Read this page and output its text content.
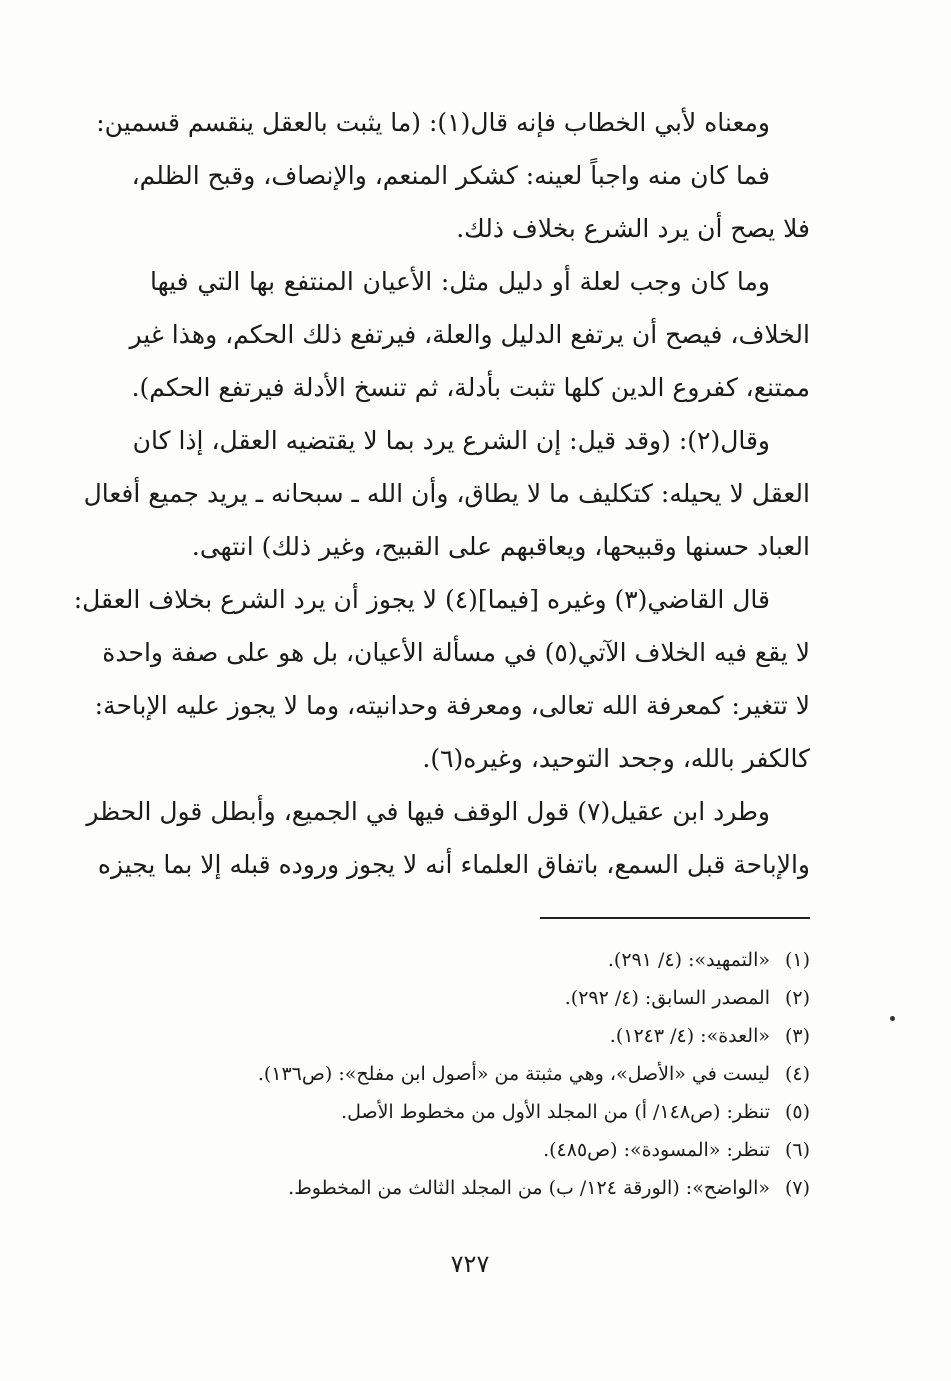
ومعناه لأبي الخطاب فإنه قال(١): (ما يثبت بالعقل ينقسم قسمين:
فما كان منه واجباً لعينه: كشكر المنعم، والإنصاف، وقبح الظلم،
فلا يصح أن يرد الشرع بخلاف ذلك.
وما كان وجب لعلة أو دليل مثل: الأعيان المنتفع بها التي فيها
الخلاف، فيصح أن يرتفع الدليل والعلة، فيرتفع ذلك الحكم، وهذا غير
ممتنع، كفروع الدين كلها تثبت بأدلة، ثم تنسخ الأدلة فيرتفع الحكم).
وقال(٢): (وقد قيل: إن الشرع يرد بما لا يقتضيه العقل، إذا كان
العقل لا يحيله: كتكليف ما لا يطاق، وأن الله ـ سبحانه ـ يريد جميع أفعال
العباد حسنها وقبيحها، ويعاقبهم على القبيح، وغير ذلك) انتهى.
قال القاضي(٣) وغيره [فيما](٤) لا يجوز أن يرد الشرع بخلاف العقل:
لا يقع فيه الخلاف الآتي(٥) في مسألة الأعيان، بل هو على صفة واحدة
لا تتغير: كمعرفة الله تعالى، ومعرفة وحدانيته، وما لا يجوز عليه الإباحة:
كالكفر بالله، وجحد التوحيد، وغيره(٦).
وطرد ابن عقيل(٧) قول الوقف فيها في الجميع، وأبطل قول الحظر
والإباحة قبل السمع، باتفاق العلماء أنه لا يجوز وروده قبله إلا بما يجيزه
(١)
«التمهيد»: (٤/ ٢٩١).
(٢)
المصدر السابق: (٤/ ٢٩٢).
(٣)
«العدة»: (٤/ ١٢٤٣).
(٤)
ليست في «الأصل»، وهي مثبتة من «أصول ابن مفلح»: (ص١٣٦).
(٥)
تنظر: (ص١٤٨/ أ) من المجلد الأول من مخطوط الأصل.
(٦)
تنظر: «المسودة»: (ص٤٨٥).
(٧)
«الواضح»: (الورقة ١٢٤/ ب) من المجلد الثالث من المخطوط.
٧٢٧
